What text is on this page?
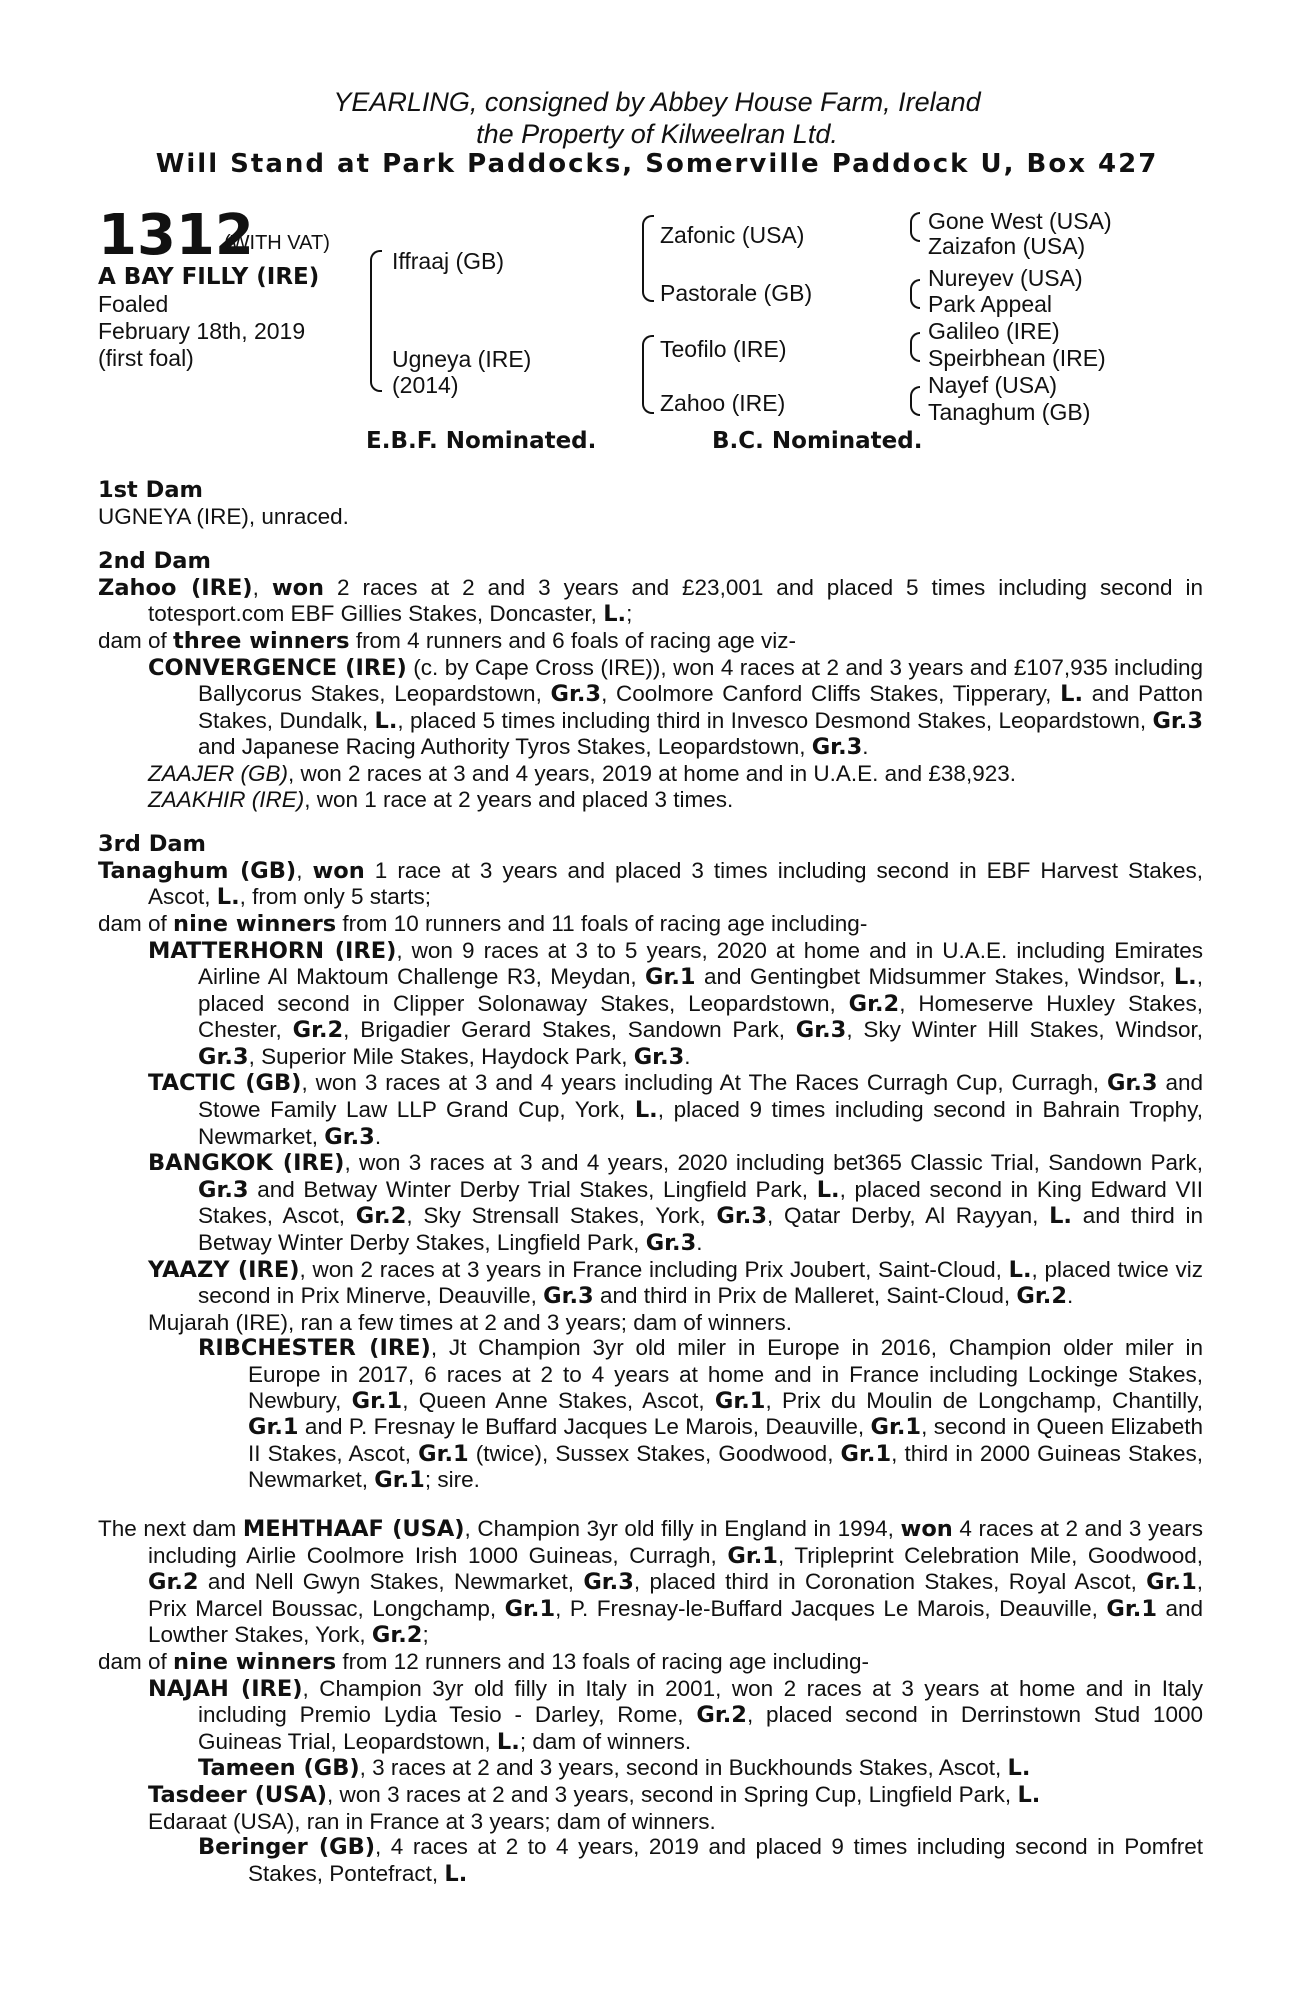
YEARLING, consigned by Abbey House Farm, Ireland
the Property of Kilweelran Ltd.
Will Stand at Park Paddocks, Somerville Paddock U, Box 427
1312
(WITH VAT)
A BAY FILLY (IRE)
Foaled
February 18th, 2019
(first foal)
Iffraaj (GB)
Ugneya (IRE)
(2014)
Zafonic (USA)
Pastorale (GB)
Teofilo (IRE)
Zahoo (IRE)
Gone West (USA)
Zaizafon (USA)
Nureyev (USA)
Park Appeal
Galileo (IRE)
Speirbhean (IRE)
Nayef (USA)
Tanaghum (GB)
E.B.F. Nominated.	B.C. Nominated.
1st Dam

UGNEYA (IRE), unraced.

2nd Dam

Zahoo (IRE), won 2 races at 2 and 3 years and £23,001 and placed 5 times including second in totesport.com EBF Gillies Stakes, Doncaster, L.;

dam of three winners from 4 runners and 6 foals of racing age viz-

CONVERGENCE (IRE) (c. by Cape Cross (IRE)), won 4 races at 2 and 3 years and £107,935 including Ballycorus Stakes, Leopardstown, Gr.3, Coolmore Canford Cliffs Stakes, Tipperary, L. and Patton Stakes, Dundalk, L., placed 5 times including third in Invesco Desmond Stakes, Leopardstown, Gr.3 and Japanese Racing Authority Tyros Stakes, Leopardstown, Gr.3.

ZAAJER (GB), won 2 races at 3 and 4 years, 2019 at home and in U.A.E. and £38,923.

ZAAKHIR (IRE), won 1 race at 2 years and placed 3 times.

3rd Dam

Tanaghum (GB), won 1 race at 3 years and placed 3 times including second in EBF Harvest Stakes, Ascot, L., from only 5 starts;

dam of nine winners from 10 runners and 11 foals of racing age including-

MATTERHORN (IRE), won 9 races at 3 to 5 years, 2020 at home and in U.A.E. including Emirates Airline Al Maktoum Challenge R3, Meydan, Gr.1 and Gentingbet Midsummer Stakes, Windsor, L., placed second in Clipper Solonaway Stakes, Leopardstown, Gr.2, Homeserve Huxley Stakes, Chester, Gr.2, Brigadier Gerard Stakes, Sandown Park, Gr.3, Sky Winter Hill Stakes, Windsor, Gr.3, Superior Mile Stakes, Haydock Park, Gr.3.

TACTIC (GB), won 3 races at 3 and 4 years including At The Races Curragh Cup, Curragh, Gr.3 and Stowe Family Law LLP Grand Cup, York, L., placed 9 times including second in Bahrain Trophy, Newmarket, Gr.3.

BANGKOK (IRE), won 3 races at 3 and 4 years, 2020 including bet365 Classic Trial, Sandown Park, Gr.3 and Betway Winter Derby Trial Stakes, Lingfield Park, L., placed second in King Edward VII Stakes, Ascot, Gr.2, Sky Strensall Stakes, York, Gr.3, Qatar Derby, Al Rayyan, L. and third in Betway Winter Derby Stakes, Lingfield Park, Gr.3.

YAAZY (IRE), won 2 races at 3 years in France including Prix Joubert, Saint-Cloud, L., placed twice viz second in Prix Minerve, Deauville, Gr.3 and third in Prix de Malleret, Saint-Cloud, Gr.2.

Mujarah (IRE), ran a few times at 2 and 3 years; dam of winners.

RIBCHESTER (IRE), Jt Champion 3yr old miler in Europe in 2016, Champion older miler in Europe in 2017, 6 races at 2 to 4 years at home and in France including Lockinge Stakes, Newbury, Gr.1, Queen Anne Stakes, Ascot, Gr.1, Prix du Moulin de Longchamp, Chantilly, Gr.1 and P. Fresnay le Buffard Jacques Le Marois, Deauville, Gr.1, second in Queen Elizabeth II Stakes, Ascot, Gr.1 (twice), Sussex Stakes, Goodwood, Gr.1, third in 2000 Guineas Stakes, Newmarket, Gr.1; sire.

The next dam MEHTHAAF (USA), Champion 3yr old filly in England in 1994, won 4 races at 2 and 3 years including Airlie Coolmore Irish 1000 Guineas, Curragh, Gr.1, Tripleprint Celebration Mile, Goodwood, Gr.2 and Nell Gwyn Stakes, Newmarket, Gr.3, placed third in Coronation Stakes, Royal Ascot, Gr.1, Prix Marcel Boussac, Longchamp, Gr.1, P. Fresnay-le-Buffard Jacques Le Marois, Deauville, Gr.1 and Lowther Stakes, York, Gr.2;

dam of nine winners from 12 runners and 13 foals of racing age including-

NAJAH (IRE), Champion 3yr old filly in Italy in 2001, won 2 races at 3 years at home and in Italy including Premio Lydia Tesio - Darley, Rome, Gr.2, placed second in Derrinstown Stud 1000 Guineas Trial, Leopardstown, L.; dam of winners.

Tameen (GB), 3 races at 2 and 3 years, second in Buckhounds Stakes, Ascot, L.

Tasdeer (USA), won 3 races at 2 and 3 years, second in Spring Cup, Lingfield Park, L.

Edaraat (USA), ran in France at 3 years; dam of winners.

Beringer (GB), 4 races at 2 to 4 years, 2019 and placed 9 times including second in Pomfret Stakes, Pontefract, L.
